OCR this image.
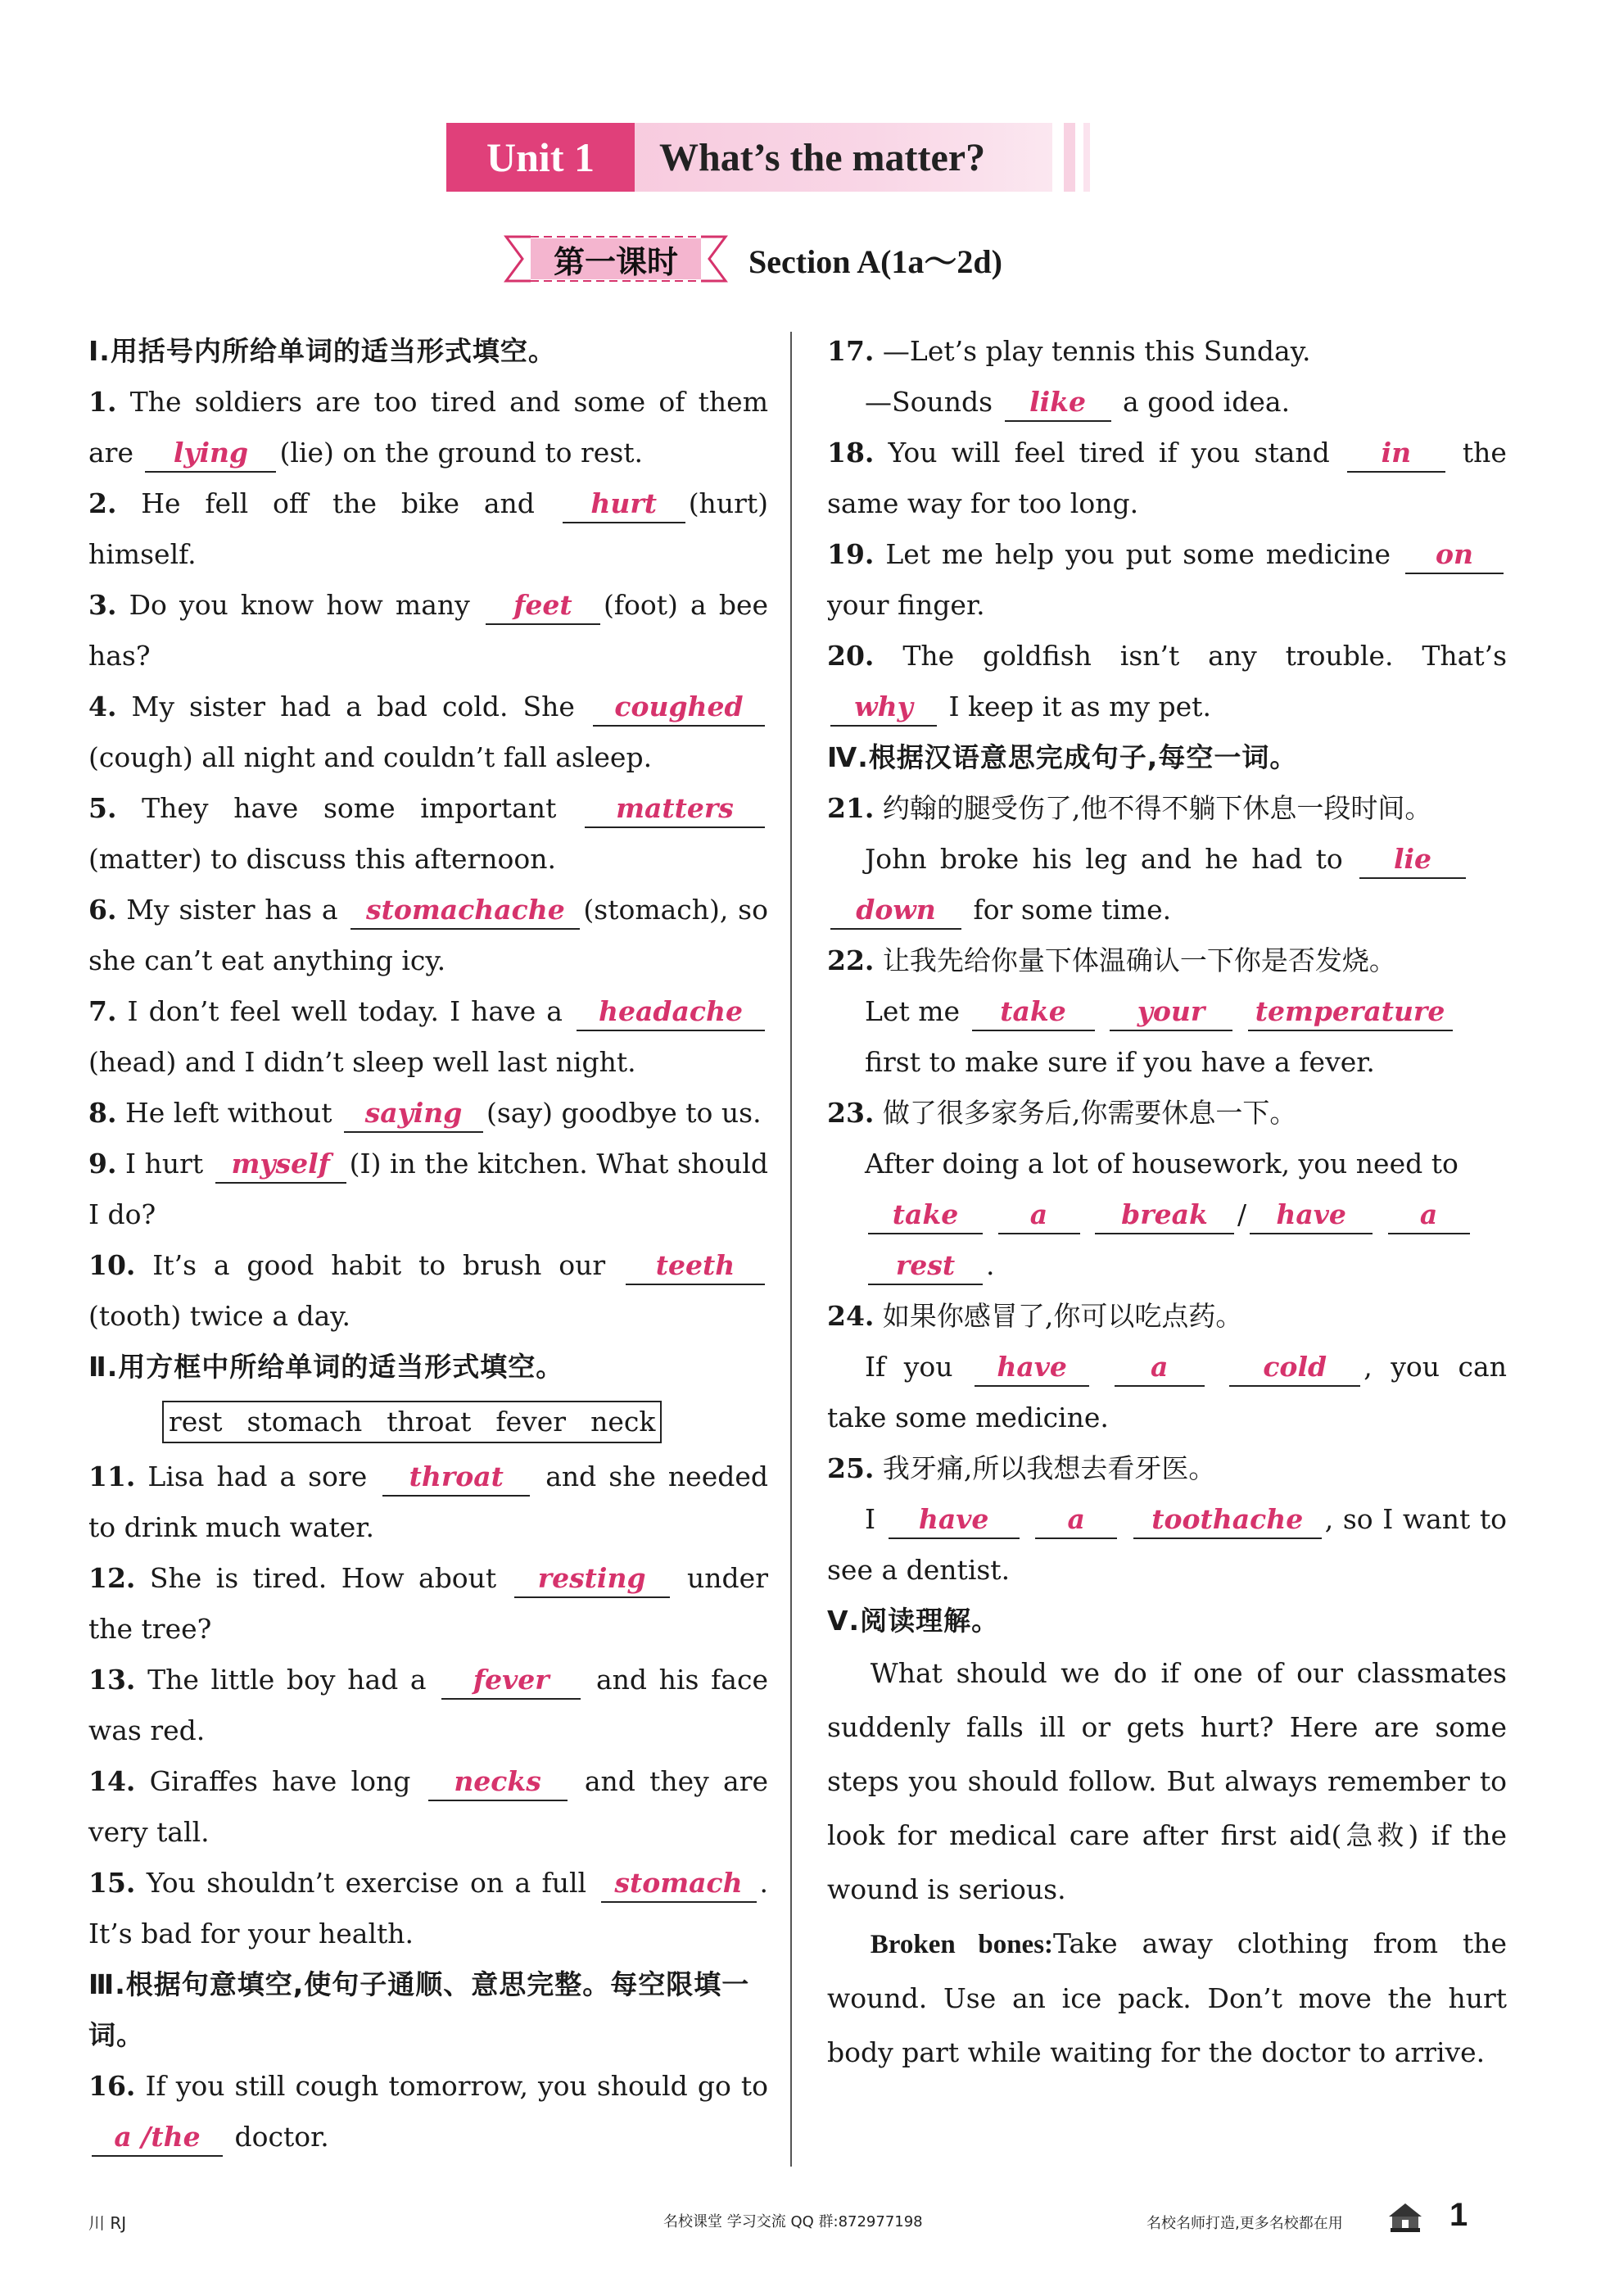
Unit 1	What’s the matter?
第一课时 Section A(1a～2d)
Ⅰ.用括号内所给单词的适当形式填空。
1. The soldiers are too tired and some of them are lying (lie) on the ground to rest.
2. He fell off the bike and hurt (hurt) himself.
3. Do you know how many feet (foot) a bee has?
4. My sister had a bad cold. She coughed (cough) all night and couldn’t fall asleep.
5. They have some important matters (matter) to discuss this afternoon.
6. My sister has a stomachache (stomach), so she can’t eat anything icy.
7. I don’t feel well today. I have a headache (head) and I didn’t sleep well last night.
8. He left without saying (say) goodbye to us.
9. I hurt myself (I) in the kitchen. What should I do?
10. It’s a good habit to brush our teeth (tooth) twice a day.
Ⅱ.用方框中所给单词的适当形式填空。
rest stomach throat fever neck
11. Lisa had a sore throat and she needed to drink much water.
12. She is tired. How about resting under the tree?
13. The little boy had a fever and his face was red.
14. Giraffes have long necks and they are very tall.
15. You shouldn’t exercise on a full stomach . It’s bad for your health.
Ⅲ.根据句意填空,使句子通顺、意思完整。每空限填一词。
16. If you still cough tomorrow, you should go to a /the doctor.
17. —Let’s play tennis this Sunday.
—Sounds like a good idea.
18. You will feel tired if you stand in the same way for too long.
19. Let me help you put some medicine on your finger.
20. The goldfish isn’t any trouble. That’s why I keep it as my pet.
Ⅳ.根据汉语意思完成句子,每空一词。
21. 约翰的腿受伤了,他不得不躺下休息一段时间。
John broke his leg and he had to lie down for some time.
22. 让我先给你量下体温确认一下你是否发烧。
Let me take	your temperature
first to make sure if you have a fever.
23. 做了很多家务后,你需要休息一下。
After doing a lot of housework, you need to
take	a	break / have	a
rest .
24. 如果你感冒了,你可以吃点药。
If you have	a	cold , you can take some medicine.
25. 我牙痛,所以我想去看牙医。
I have	a toothache , so I want to see a dentist.
Ⅴ.阅读理解。
What should we do if one of our classmates suddenly falls ill or gets hurt? Here are some steps you should follow. But always remember to look for medical care after first aid(急救) if the wound is serious.
Broken bones:Take away clothing from the wound. Use an ice pack. Don’t move the hurt body part while waiting for the doctor to arrive.
川 RJ	名校课堂 学习交流 QQ 群:872977198	名校名师打造,更多名校都在用	1
